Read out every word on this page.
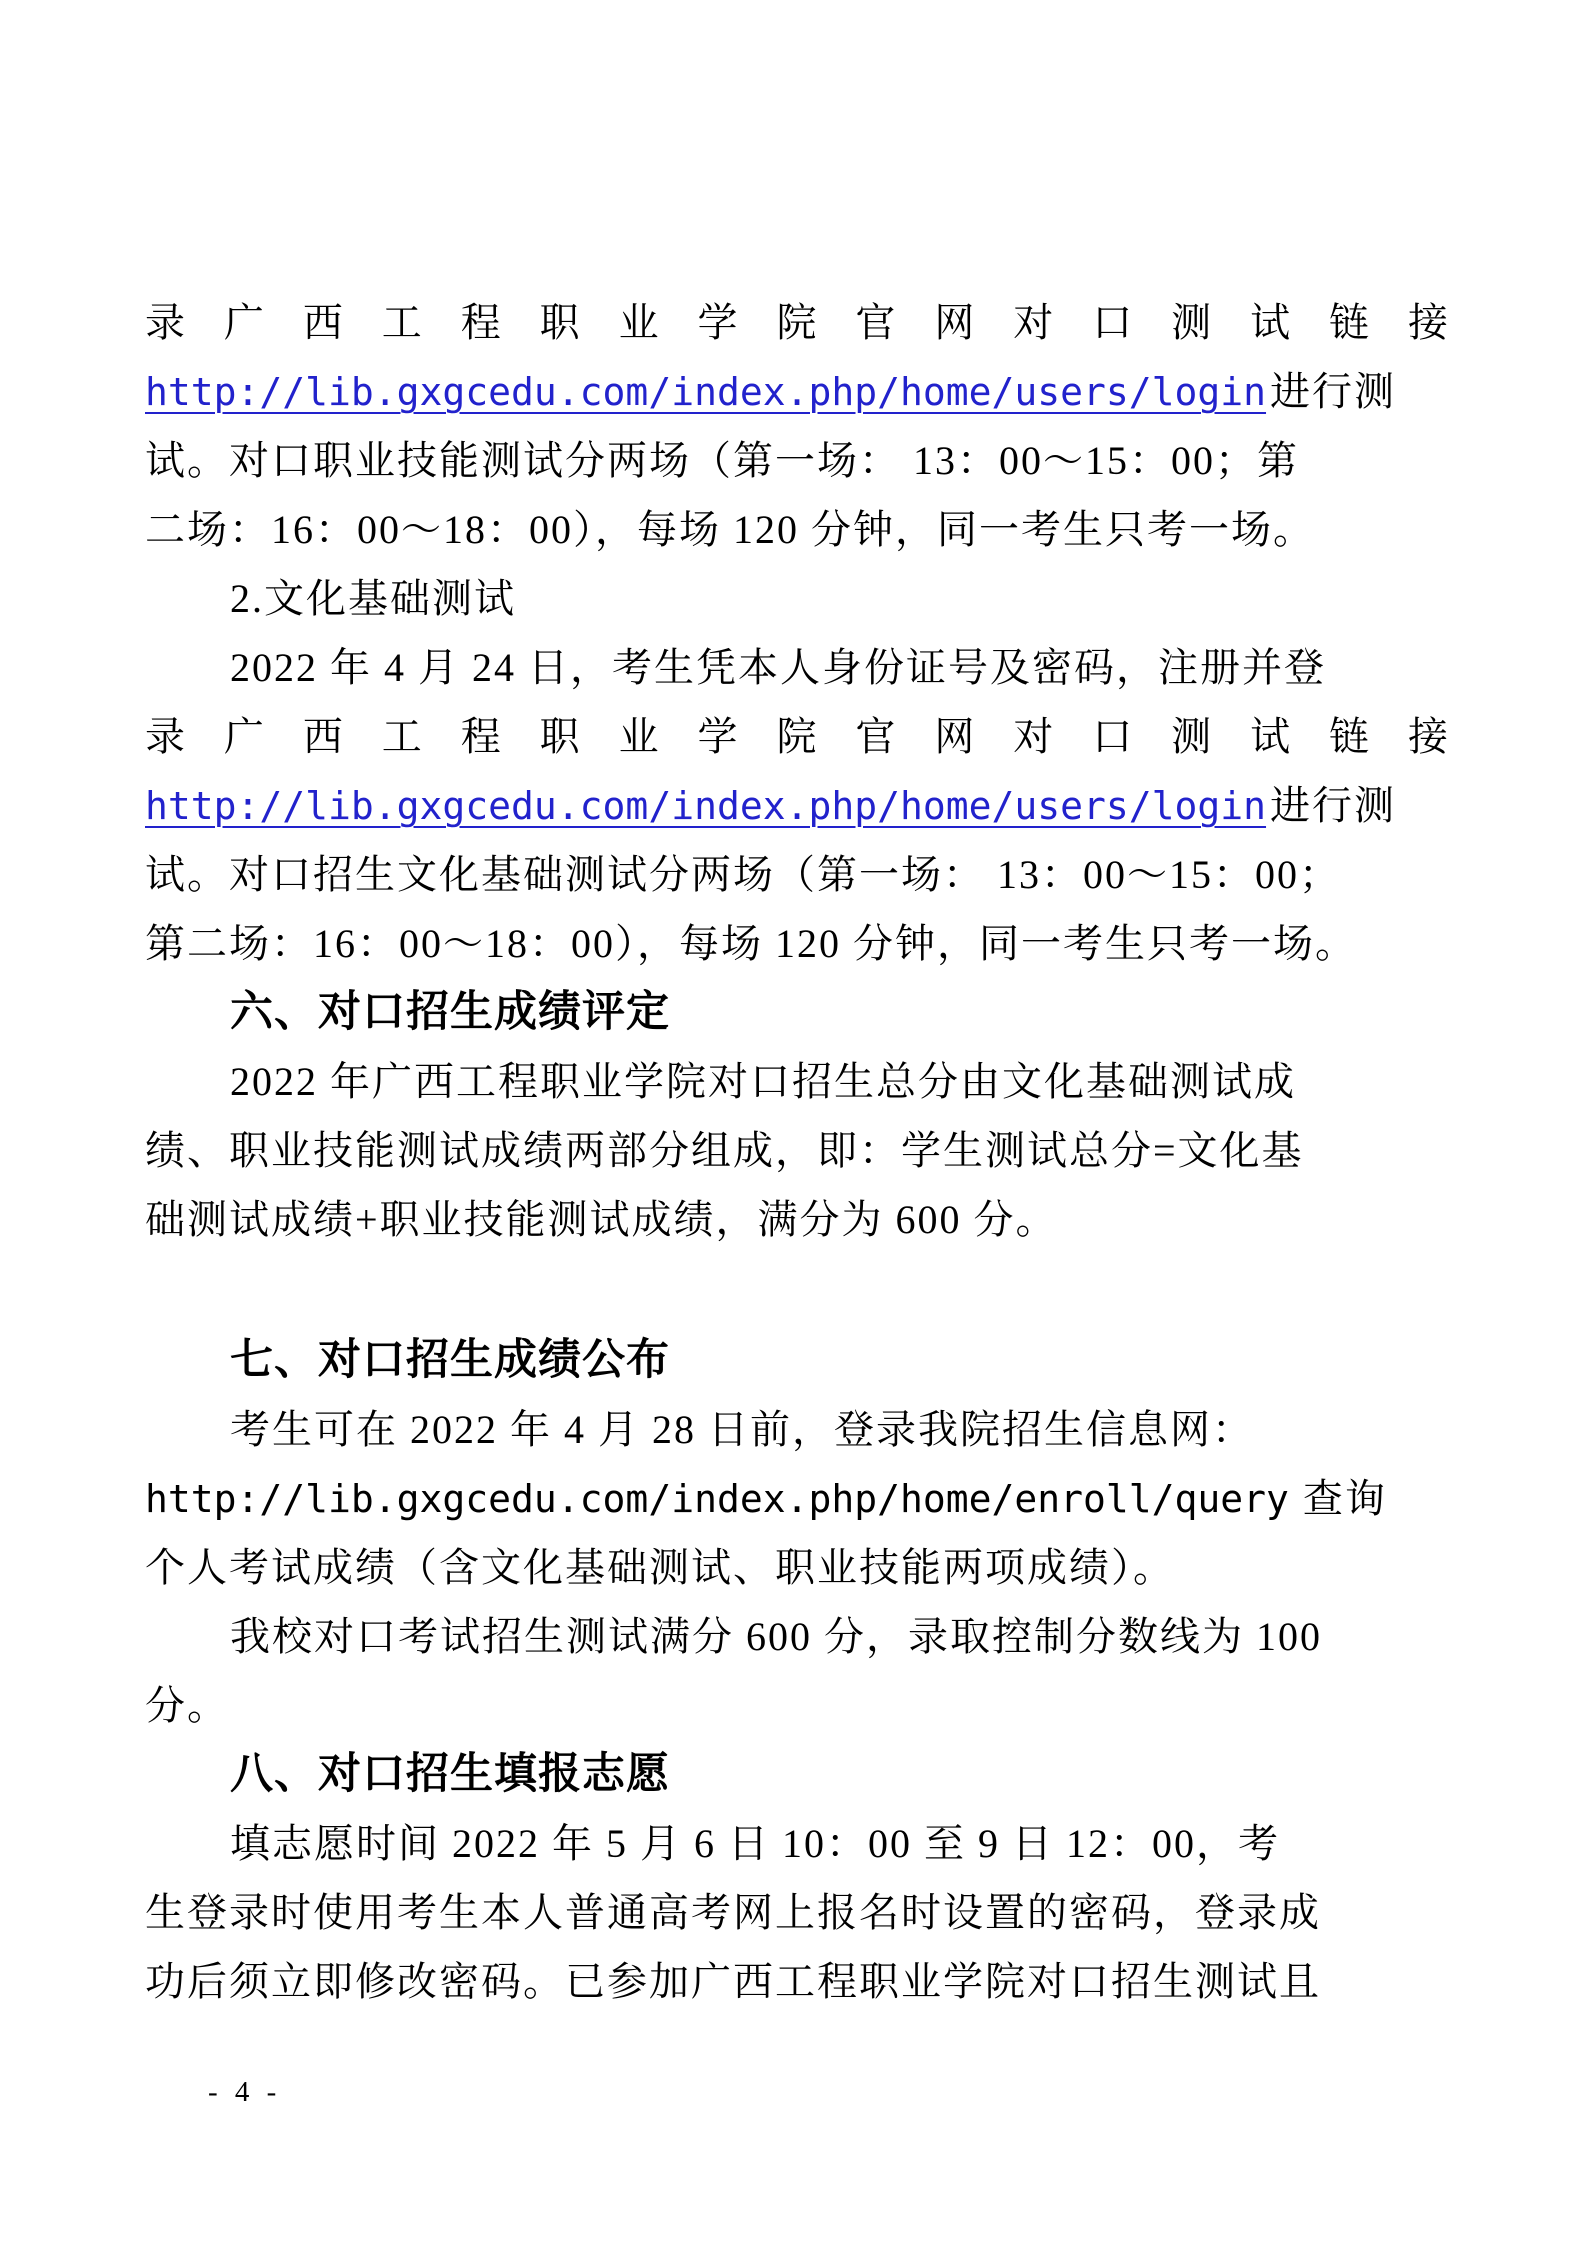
录广西工程职业学院官网对口测试链接
http://lib.gxgcedu.com/index.php/home/users/login 进行测
试。对口职业技能测试分两场（第一场： 13：00～15：00；第
二场：16：00～18：00），每场 120 分钟，同一考生只考一场。
2.文化基础测试
2022 年 4 月 24 日，考生凭本人身份证号及密码，注册并登
录广西工程职业学院官网对口测试链接
http://lib.gxgcedu.com/index.php/home/users/login 进行测
试。对口招生文化基础测试分两场（第一场： 13：00～15：00；
第二场：16：00～18：00），每场 120 分钟，同一考生只考一场。
六、对口招生成绩评定
2022 年广西工程职业学院对口招生总分由文化基础测试成
绩、职业技能测试成绩两部分组成，即：学生测试总分=文化基
础测试成绩+职业技能测试成绩，满分为 600 分。
七、对口招生成绩公布
考生可在 2022 年 4 月 28 日前，登录我院招生信息网：
http://lib.gxgcedu.com/index.php/home/enroll/query 查询
个人考试成绩（含文化基础测试、职业技能两项成绩）。
我校对口考试招生测试满分 600 分，录取控制分数线为 100
分。
八、对口招生填报志愿
填志愿时间 2022 年 5 月 6 日 10：00 至 9 日 12：00，考
生登录时使用考生本人普通高考网上报名时设置的密码，登录成
功后须立即修改密码。已参加广西工程职业学院对口招生测试且
- 4 -
